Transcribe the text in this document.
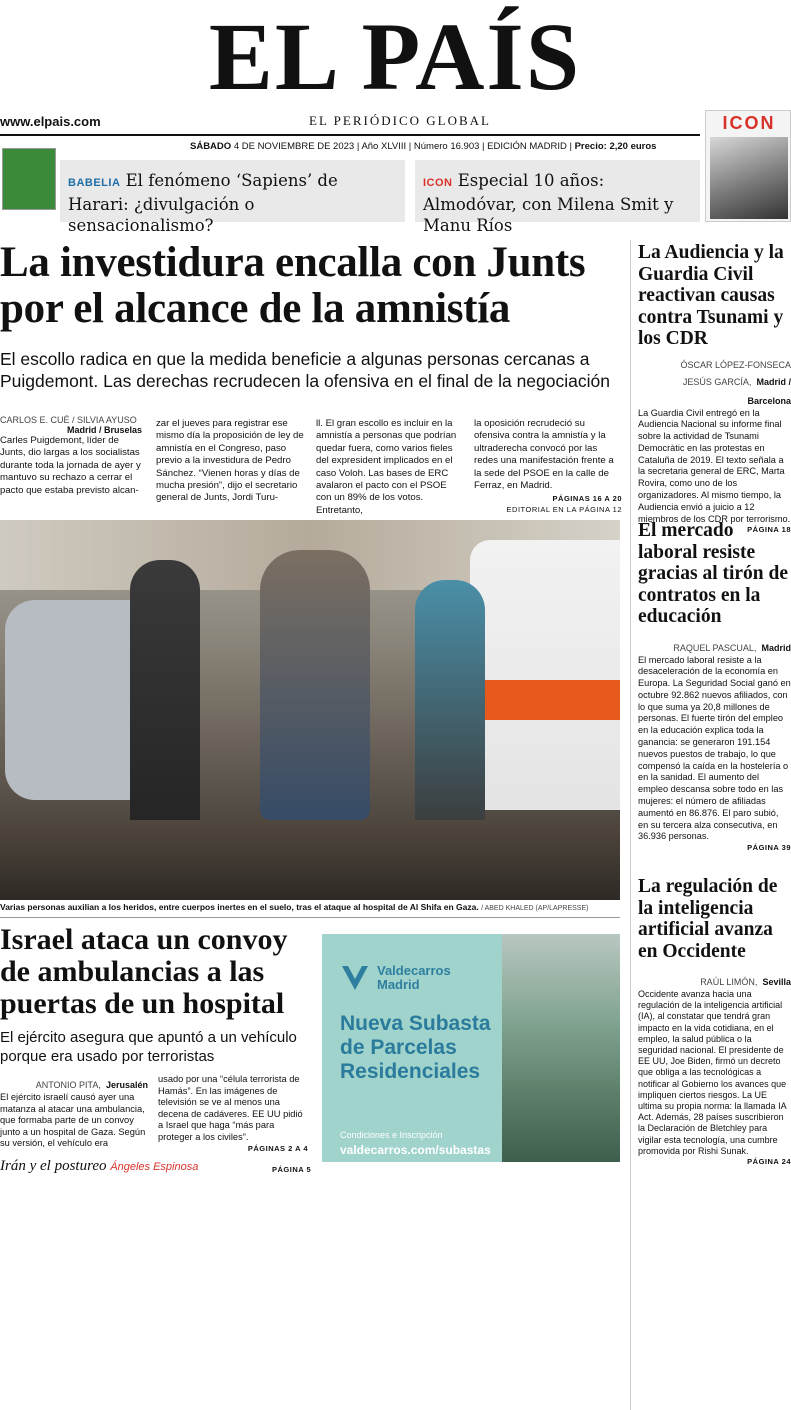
EL PAÍS
www.elpais.com	EL PERIÓDICO GLOBAL
SÁBADO 4 DE NOVIEMBRE DE 2023 | Año XLVIII | Número 16.903 | EDICIÓN MADRID | Precio: 2,20 euros
ICON
BABELIA El fenómeno ‘Sapiens’ de Harari: ¿divulgación o sensacionalismo?
ICON Especial 10 años: Almodóvar, con Milena Smit y Manu Ríos
La investidura encalla con Junts por el alcance de la amnistía
El escollo radica en que la medida beneficie a algunas personas cercanas a Puigdemont. Las derechas recrudecen la ofensiva en el final de la negociación
CARLOS E. CUÉ / SILVIA AYUSO
Madrid / Bruselas
Carles Puigdemont, líder de Junts, dio largas a los socialistas durante toda la jornada de ayer y mantuvo su rechazo a cerrar el pacto que estaba previsto alcan-
zar el jueves para registrar ese mismo día la proposición de ley de amnistía en el Congreso, paso previo a la investidura de Pedro Sánchez. “Vienen horas y días de mucha presión”, dijo el secretario general de Junts, Jordi Turu-
ll. El gran escollo es incluir en la amnistía a personas que podrían quedar fuera, como varios fieles del expresident implicados en el caso Voloh. Las bases de ERC avalaron el pacto con el PSOE con un 89% de los votos. Entretanto,
la oposición recrudeció su ofensiva contra la amnistía y la ultraderecha convocó por las redes una manifestación frente a la sede del PSOE en la calle de Ferraz, en Madrid.
PÁGINAS 16 A 20
EDITORIAL EN LA PÁGINA 12
La Audiencia y la Guardia Civil reactivan causas contra Tsunami y los CDR
ÓSCAR LÓPEZ-FONSECA
JESÚS GARCÍA, Madrid / Barcelona
La Guardia Civil entregó en la Audiencia Nacional su informe final sobre la actividad de Tsunami Democràtic en las protestas en Cataluña de 2019. El texto señala a la secretaria general de ERC, Marta Rovira, como uno de los organizadores. Al mismo tiempo, la Audiencia envió a juicio a 12 miembros de los CDR por terrorismo.
PÁGINA 18
El mercado laboral resiste gracias al tirón de contratos en la educación
RAQUEL PASCUAL, Madrid
El mercado laboral resiste a la desaceleración de la economía en Europa. La Seguridad Social ganó en octubre 92.862 nuevos afiliados, con lo que suma ya 20,8 millones de personas. El fuerte tirón del empleo en la educación explica toda la ganancia: se generaron 191.154 nuevos puestos de trabajo, lo que compensó la caída en la hostelería o en la sanidad. El aumento del empleo descansa sobre todo en las mujeres: el número de afiliadas aumentó en 86.876. El paro subió, en su tercera alza consecutiva, en 36.936 personas.
PÁGINA 39
La regulación de la inteligencia artificial avanza en Occidente
RAÚL LIMÓN, Sevilla
Occidente avanza hacia una regulación de la inteligencia artificial (IA), al constatar que tendrá gran impacto en la vida cotidiana, en el empleo, la salud pública o la seguridad nacional. El presidente de EE UU, Joe Biden, firmó un decreto que obliga a las tecnológicas a notificar al Gobierno los avances que impliquen ciertos riesgos. La UE ultima su propia norma: la llamada IA Act. Además, 28 países suscribieron la Declaración de Bletchley para vigilar esta tecnología, una cumbre promovida por Rishi Sunak.
PÁGINA 24
Varias personas auxilian a los heridos, entre cuerpos inertes en el suelo, tras el ataque al hospital de Al Shifa en Gaza. / ABED KHALED (AP/LAPRESSE)
Israel ataca un convoy de ambulancias a las puertas de un hospital
El ejército asegura que apuntó a un vehículo porque era usado por terroristas
ANTONIO PITA, Jerusalén
El ejército israelí causó ayer una matanza al atacar una ambulancia, que formaba parte de un convoy junto a un hospital de Gaza. Según su versión, el vehículo era
usado por una “célula terrorista de Hamás”. En las imágenes de televisión se ve al menos una decena de cadáveres. EE UU pidió a Israel que haga “más para proteger a los civiles”.
PÁGINAS 2 A 4
Irán y el postureo Ángeles Espinosa	PÁGINA 5
Valdecarros
Madrid
Nueva Subasta de Parcelas Residenciales
Condiciones e Inscripción
valdecarros.com/subastas
